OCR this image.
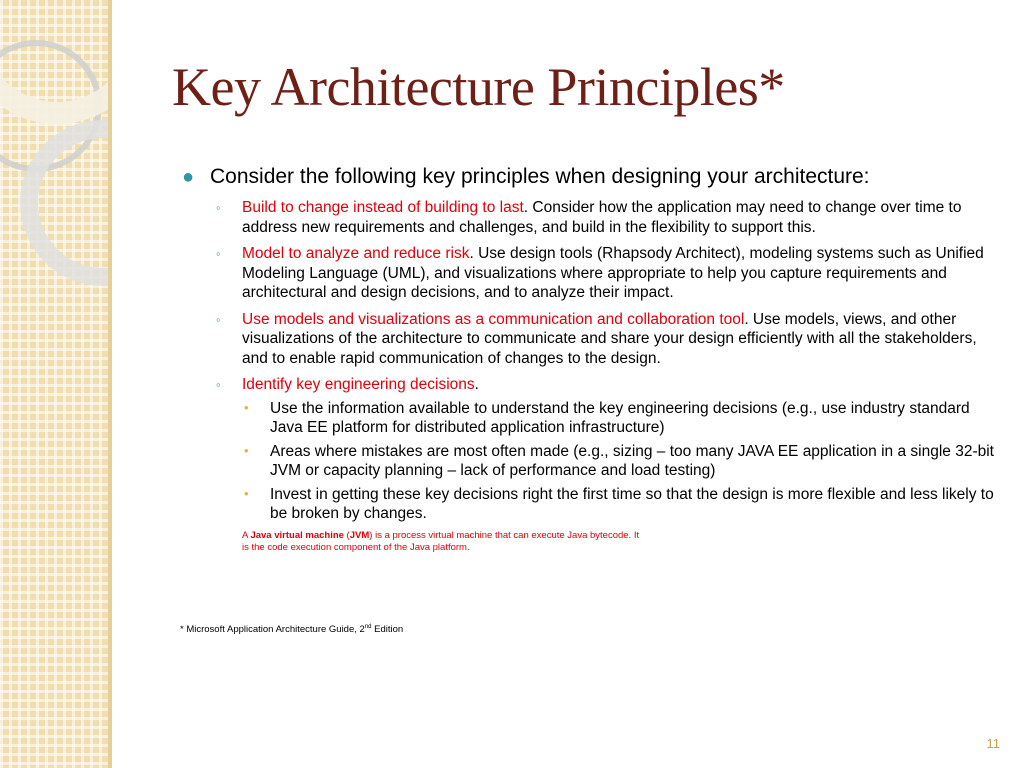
Key Architecture Principles*
● Consider the following key principles when designing your architecture:
◦ Build to change instead of building to last. Consider how the application may need to change over time to address new requirements and challenges, and build in the flexibility to support this.
◦ Model to analyze and reduce risk. Use design tools (Rhapsody Architect), modeling systems such as Unified Modeling Language (UML), and visualizations where appropriate to help you capture requirements and architectural and design decisions, and to analyze their impact.
◦ Use models and visualizations as a communication and collaboration tool. Use models, views, and other visualizations of the architecture to communicate and share your design efficiently with all the stakeholders, and to enable rapid communication of changes to the design.
◦ Identify key engineering decisions.
• Use the information available to understand the key engineering decisions (e.g., use industry standard Java EE platform for distributed application infrastructure)
• Areas where mistakes are most often made (e.g., sizing – too many JAVA EE application in a single 32-bit JVM or capacity planning – lack of performance and load testing)
• Invest in getting these key decisions right the first time so that the design is more flexible and less likely to be broken by changes.
A Java virtual machine (JVM) is a process virtual machine that can execute Java bytecode. It is the code execution component of the Java platform.
* Microsoft Application Architecture Guide, 2nd Edition
11
